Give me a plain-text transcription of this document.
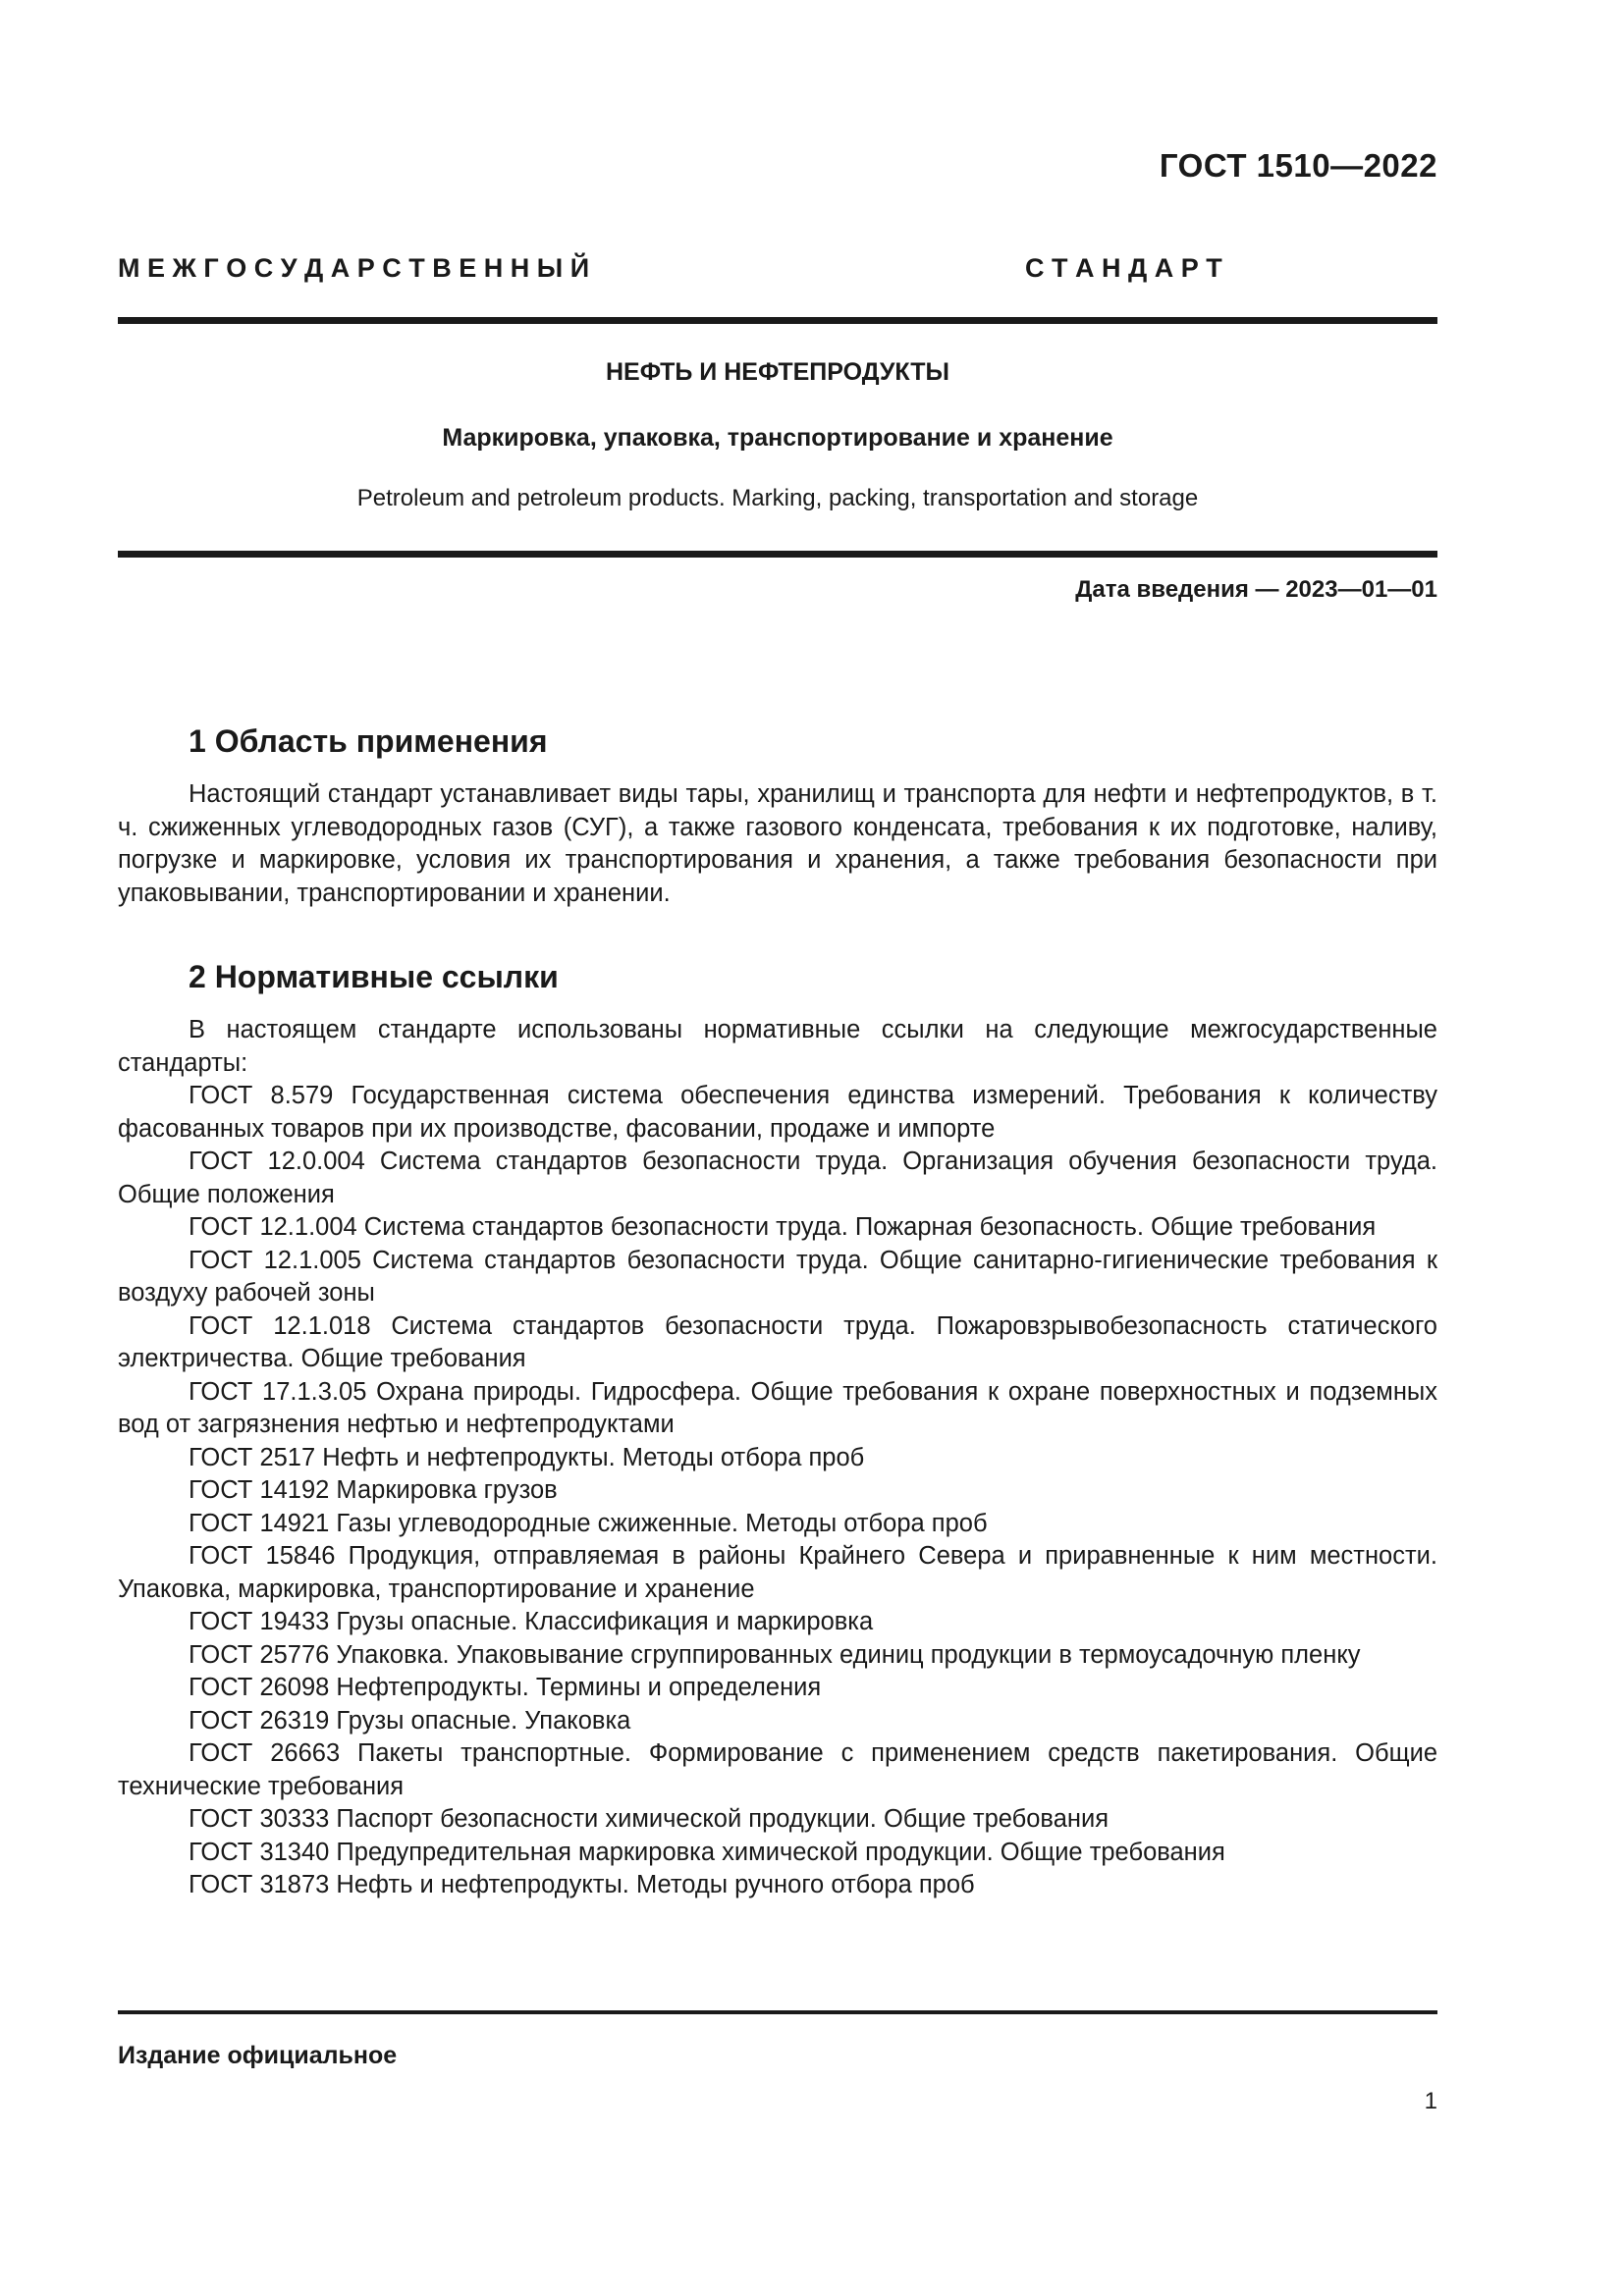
ГОСТ 1510—2022
М Е Ж Г О С У Д А Р С Т В Е Н Н Ы Й	С Т А Н Д А Р Т
НЕФТЬ И НЕФТЕПРОДУКТЫ
Маркировка, упаковка, транспортирование и хранение
Petroleum and petroleum products. Marking, packing, transportation and storage
Дата введения — 2023—01—01
1 Область применения

Настоящий стандарт устанавливает виды тары, хранилищ и транспорта для нефти и нефтепродуктов, в т. ч. сжиженных углеводородных газов (СУГ), а также газового конденсата, требования к их подготовке, наливу, погрузке и маркировке, условия их транспортирования и хранения, а также требования безопасности при упаковывании, транспортировании и хранении.

2 Нормативные ссылки

В настоящем стандарте использованы нормативные ссылки на следующие межгосударственные стандарты:

ГОСТ 8.579 Государственная система обеспечения единства измерений. Требования к количеству фасованных товаров при их производстве, фасовании, продаже и импорте
ГОСТ 12.0.004 Система стандартов безопасности труда. Организация обучения безопасности труда. Общие положения
ГОСТ 12.1.004 Система стандартов безопасности труда. Пожарная безопасность. Общие требования
ГОСТ 12.1.005 Система стандартов безопасности труда. Общие санитарно-гигиенические требования к воздуху рабочей зоны
ГОСТ 12.1.018 Система стандартов безопасности труда. Пожаровзрывобезопасность статического электричества. Общие требования
ГОСТ 17.1.3.05 Охрана природы. Гидросфера. Общие требования к охране поверхностных и подземных вод от загрязнения нефтью и нефтепродуктами
ГОСТ 2517 Нефть и нефтепродукты. Методы отбора проб
ГОСТ 14192 Маркировка грузов
ГОСТ 14921 Газы углеводородные сжиженные. Методы отбора проб
ГОСТ 15846 Продукция, отправляемая в районы Крайнего Севера и приравненные к ним местности. Упаковка, маркировка, транспортирование и хранение
ГОСТ 19433 Грузы опасные. Классификация и маркировка
ГОСТ 25776 Упаковка. Упаковывание сгруппированных единиц продукции в термоусадочную пленку
ГОСТ 26098 Нефтепродукты. Термины и определения
ГОСТ 26319 Грузы опасные. Упаковка
ГОСТ 26663 Пакеты транспортные. Формирование с применением средств пакетирования. Общие технические требования
ГОСТ 30333 Паспорт безопасности химической продукции. Общие требования
ГОСТ 31340 Предупредительная маркировка химической продукции. Общие требования
ГОСТ 31873 Нефть и нефтепродукты. Методы ручного отбора проб
Издание официальное
1
